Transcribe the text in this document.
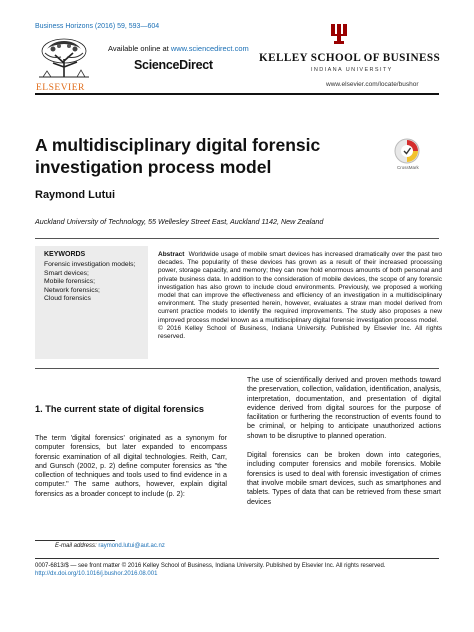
Business Horizons (2016) 59, 593—604
ELSEVIER
Available online at www.sciencedirect.com
ScienceDirect	KELLEY SCHOOL OF BUSINESS
INDIANA UNIVERSITY
www.elsevier.com/locate/bushor
A multidisciplinary digital forensic investigation process model	CrossMark
Raymond Lutui
Auckland University of Technology, 55 Wellesley Street East, Auckland 1142, New Zealand
KEYWORDS
Forensic investigation models;
Smart devices;
Mobile forensics;
Network forensics;
Cloud forensics
Abstract Worldwide usage of mobile smart devices has increased dramatically over the past two decades. The popularity of these devices has grown as a result of their increased processing power, storage capacity, and memory; they can now hold enormous amounts of both personal and private business data. In addition to the consideration of mobile devices, the scope of any forensic investigation has also grown to include cloud environments. Previously, we proposed a working model that can improve the effectiveness and efficiency of an investigation in a multidisciplinary environment. The study presented herein, however, evaluates a straw man model derived from current practice models to identify the required improvements. The study also proposes a new improved process model known as a multidisciplinary digital forensic investigation process model.
© 2016 Kelley School of Business, Indiana University. Published by Elsevier Inc. All rights reserved.
1. The current state of digital forensics

The term 'digital forensics' originated as a synonym for computer forensics, but later expanded to encompass forensic examination of all digital technologies. Reith, Carr, and Gunsch (2002, p. 2) define computer forensics as "the collection of techniques and tools used to find evidence in a computer." The same authors, however, explain digital forensics as a broader concept to include (p. 2):

The use of scientifically derived and proven methods toward the preservation, collection, validation, identification, analysis, interpretation, documentation, and presentation of digital evidence derived from digital sources for the purpose of facilitation or furthering the reconstruction of events found to be criminal, or helping to anticipate unauthorized actions shown to be disruptive to planned operation.

Digital forensics can be broken down into categories, including computer forensics and mobile forensics. Mobile forensics is used to deal with forensic investigation of crimes that involve mobile smart devices, such as smartphones and tablets. Types of data that can be retrieved from these smart devices

E-mail address: raymond.lutui@aut.ac.nz
0007-6813/$ — see front matter © 2016 Kelley School of Business, Indiana University. Published by Elsevier Inc. All rights reserved.
http://dx.doi.org/10.1016/j.bushor.2016.08.001
